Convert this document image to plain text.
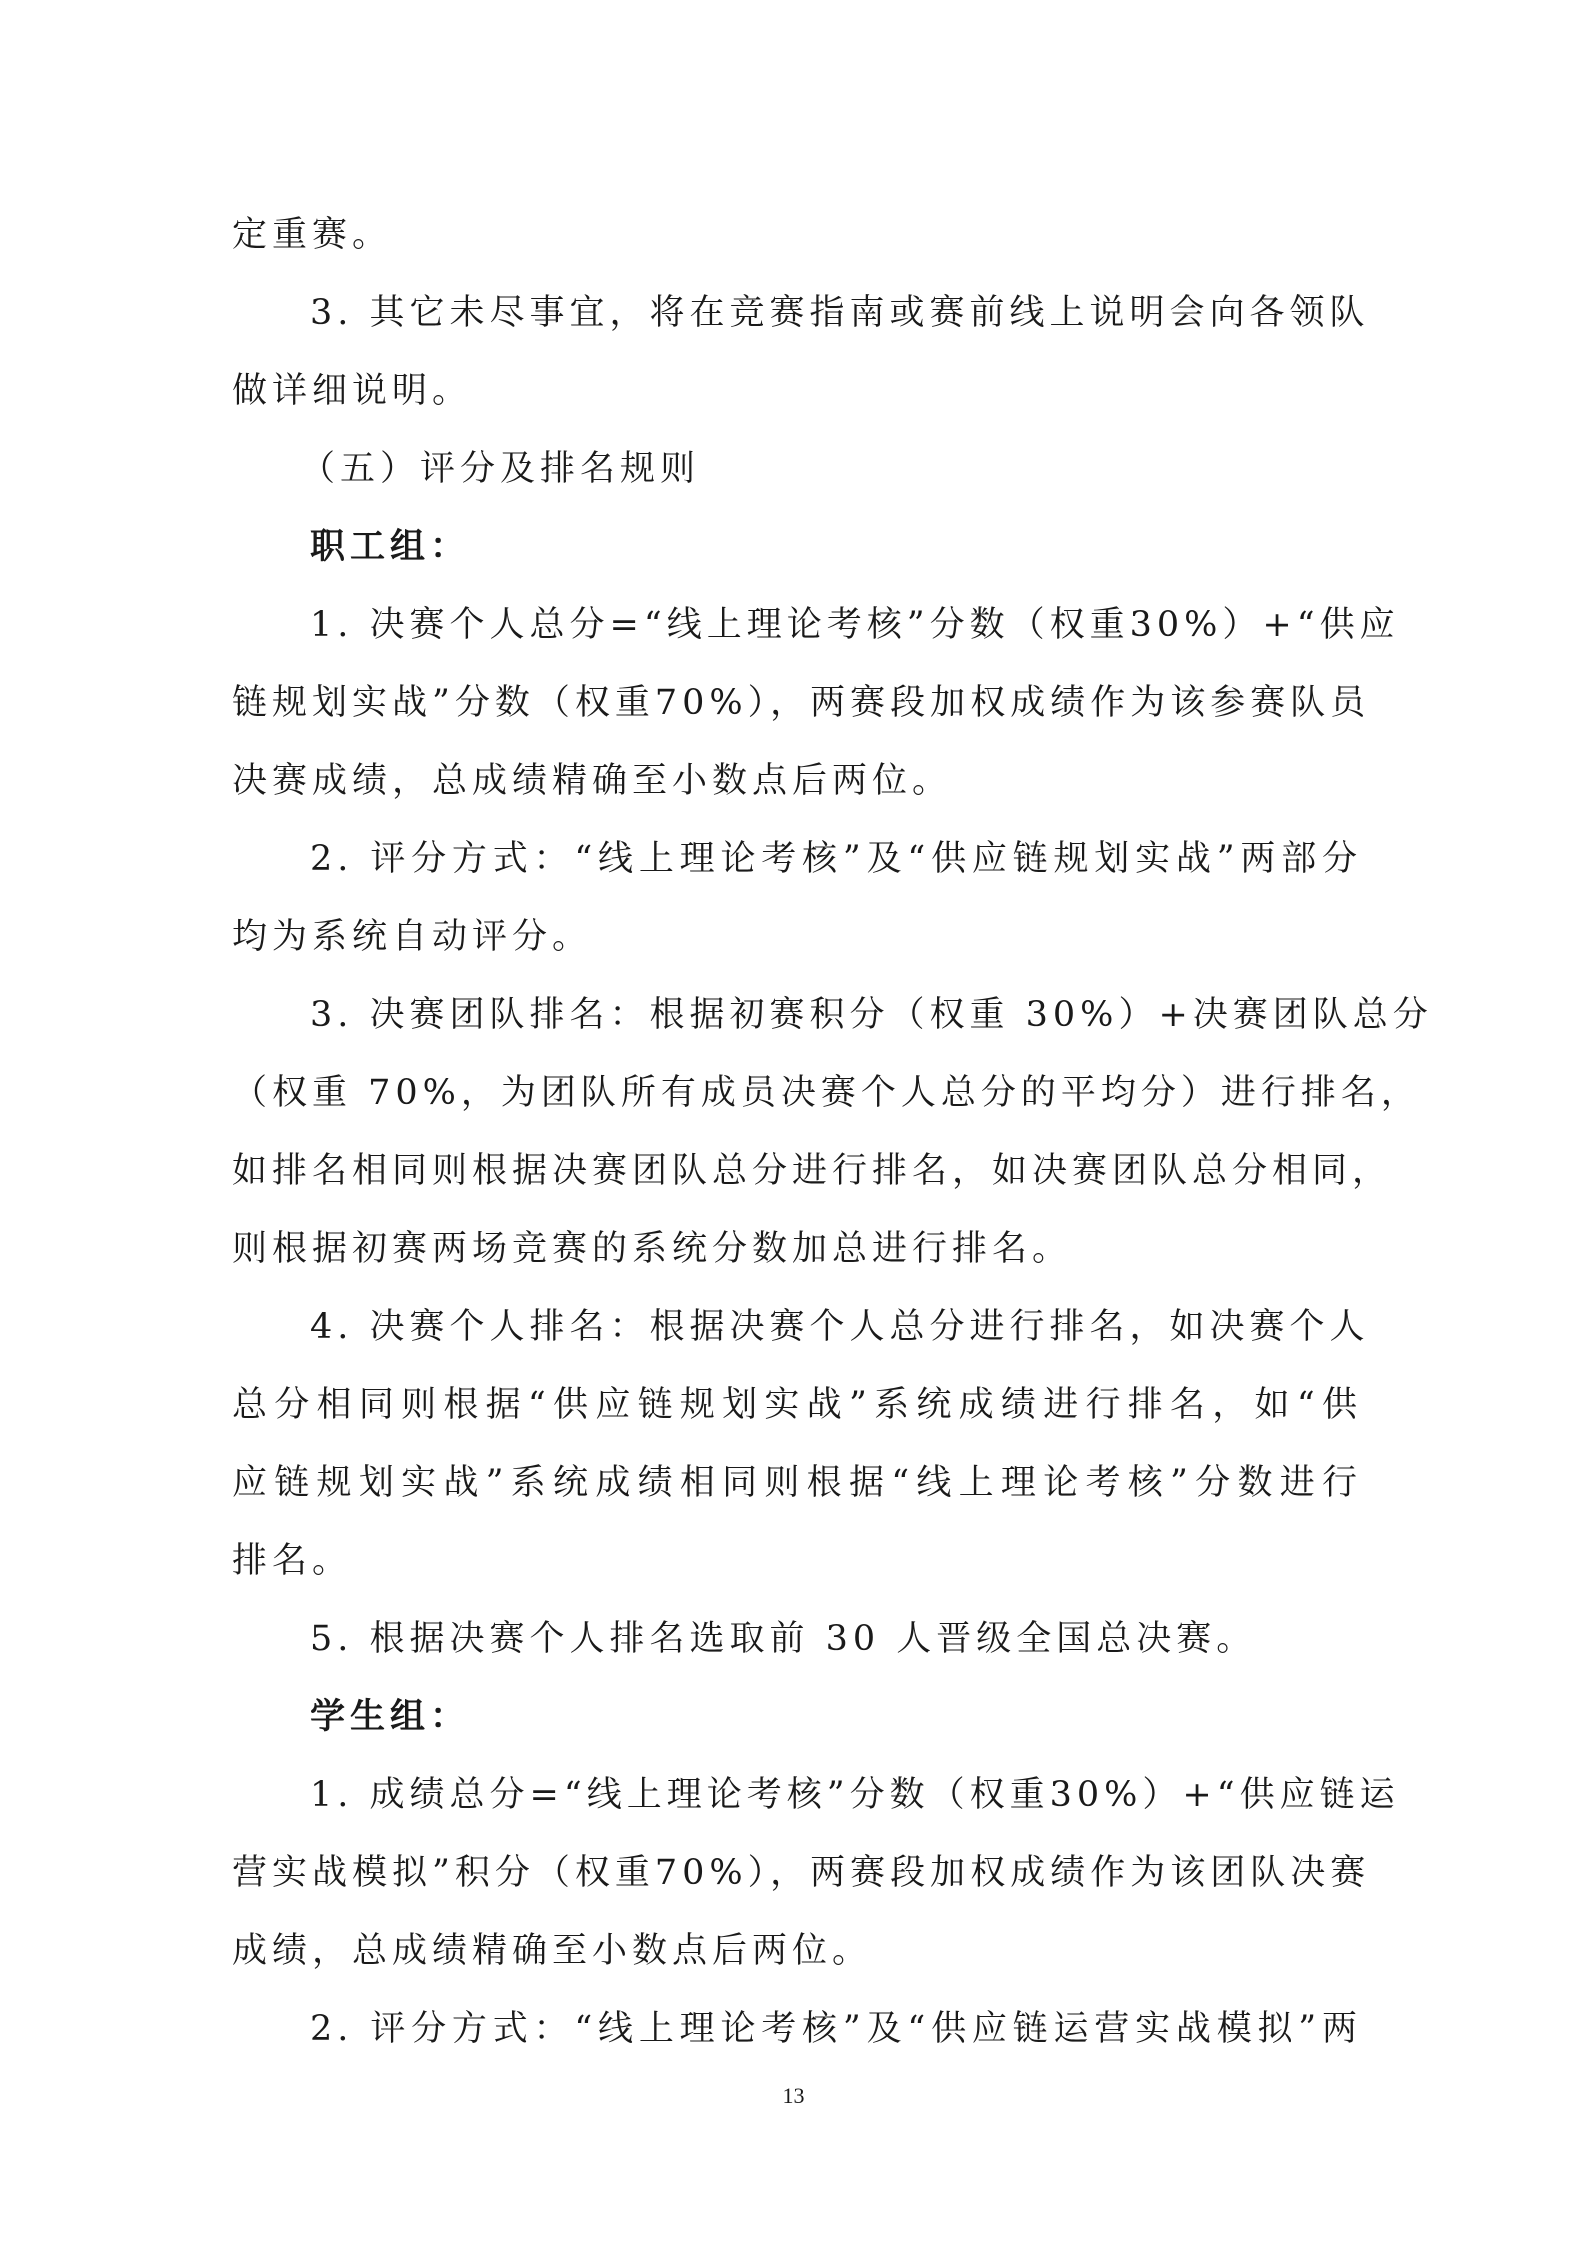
定重赛。
3. 其它未尽事宜，将在竞赛指南或赛前线上说明会向各领队
做详细说明。
（五）评分及排名规则
职工组：
1. 决赛个人总分=“线上理论考核”分数（权重30%）+“供应
链规划实战”分数（权重70%），两赛段加权成绩作为该参赛队员
决赛成绩，总成绩精确至小数点后两位。
2. 评分方式：“线上理论考核”及“供应链规划实战”两部分
均为系统自动评分。
3. 决赛团队排名：根据初赛积分（权重 30%）+决赛团队总分
（权重 70%，为团队所有成员决赛个人总分的平均分）进行排名，
如排名相同则根据决赛团队总分进行排名，如决赛团队总分相同，
则根据初赛两场竞赛的系统分数加总进行排名。
4. 决赛个人排名：根据决赛个人总分进行排名，如决赛个人
总分相同则根据“供应链规划实战”系统成绩进行排名，如“供
应链规划实战”系统成绩相同则根据“线上理论考核”分数进行
排名。
5. 根据决赛个人排名选取前 30 人晋级全国总决赛。
学生组：
1. 成绩总分=“线上理论考核”分数（权重30%）+“供应链运
营实战模拟”积分（权重70%），两赛段加权成绩作为该团队决赛
成绩，总成绩精确至小数点后两位。
2. 评分方式：“线上理论考核”及“供应链运营实战模拟”两
13
